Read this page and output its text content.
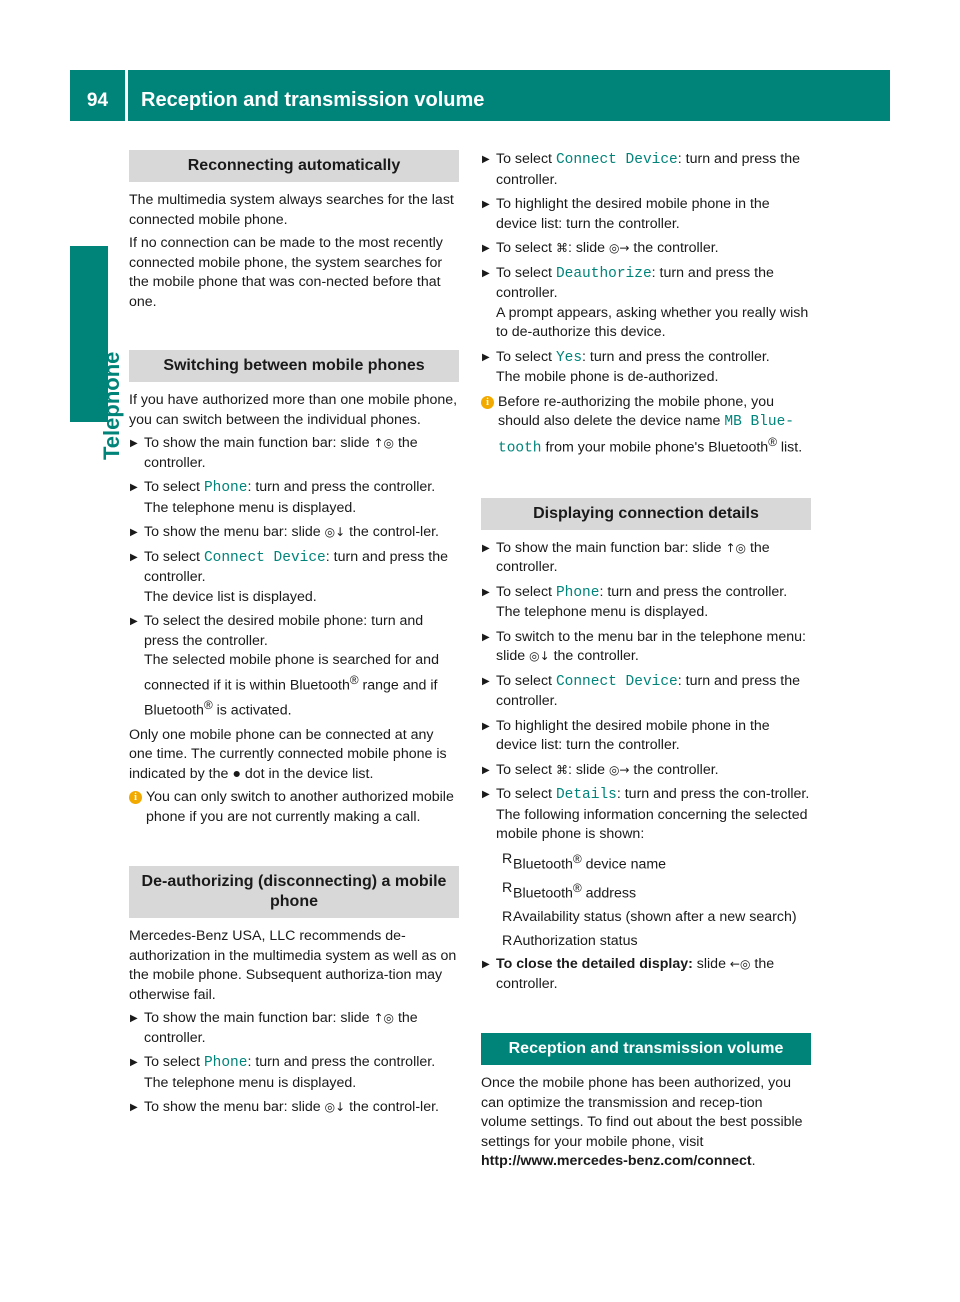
94	Reception and transmission volume
Telephone
Reconnecting automatically

The multimedia system always searches for the last connected mobile phone.

If no connection can be made to the most recently connected mobile phone, the system searches for the mobile phone that was con-nected before that one.

Switching between mobile phones

If you have authorized more than one mobile phone, you can switch between the individual phones.

▶ To show the main function bar: slide ↑◎ the controller.
▶ To select Phone: turn and press the controller.
The telephone menu is displayed.
▶ To show the menu bar: slide ◎↓ the control-ler.
▶ To select Connect Device: turn and press the controller.
The device list is displayed.
▶ To select the desired mobile phone: turn and press the controller.
The selected mobile phone is searched for and connected if it is within Bluetooth® range and if Bluetooth® is activated.

Only one mobile phone can be connected at any one time. The currently connected mobile phone is indicated by the ● dot in the device list.

i You can only switch to another authorized mobile phone if you are not currently making a call.
De-authorizing (disconnecting) a mobile phone

Mercedes-Benz USA, LLC recommends de-authorization in the multimedia system as well as on the mobile phone. Subsequent authoriza-tion may otherwise fail.

▶ To show the main function bar: slide ↑◎ the controller.
▶ To select Phone: turn and press the controller.
The telephone menu is displayed.
▶ To show the menu bar: slide ◎↓ the control-ler.
▶ To select Connect Device: turn and press the controller.
▶ To highlight the desired mobile phone in the device list: turn the controller.
▶ To select ⌘: slide ◎→ the controller.
▶ To select Deauthorize: turn and press the controller.
A prompt appears, asking whether you really wish to de-authorize this device.
▶ To select Yes: turn and press the controller.
The mobile phone is de-authorized.
i Before re-authorizing the mobile phone, you should also delete the device name MB Blue-tooth from your mobile phone's Bluetooth® list.
Displaying connection details
▶ To show the main function bar: slide ↑◎ the controller.
▶ To select Phone: turn and press the controller.
The telephone menu is displayed.
▶ To switch to the menu bar in the telephone menu: slide ◎↓ the controller.
▶ To select Connect Device: turn and press the controller.
▶ To highlight the desired mobile phone in the device list: turn the controller.
▶ To select ⌘: slide ◎→ the controller.
▶ To select Details: turn and press the con-troller.
The following information concerning the selected mobile phone is shown:
R Bluetooth® device name
R Bluetooth® address
R Availability status (shown after a new search)
R Authorization status
▶ To close the detailed display: slide ←◎ the controller.
Reception and transmission volume

Once the mobile phone has been authorized, you can optimize the transmission and recep-tion volume settings. To find out about the best possible settings for your mobile phone, visit
http://www.mercedes-benz.com/connect.
